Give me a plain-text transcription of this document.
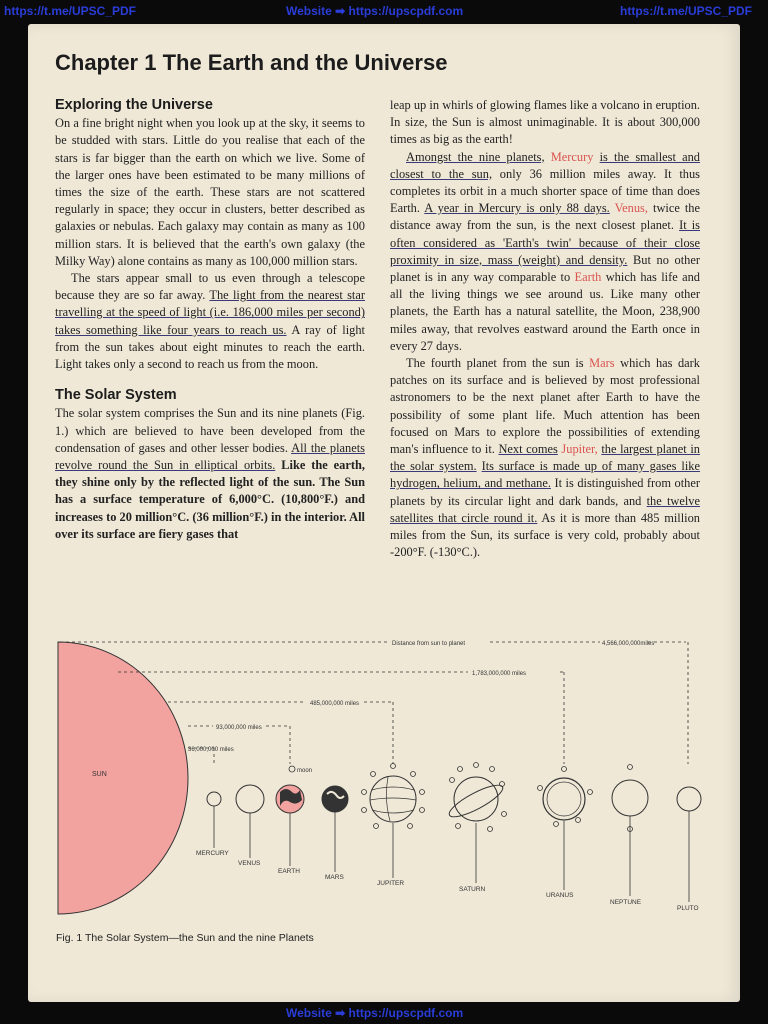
https://t.me/UPSC_PDF	Website ➡ https://upscpdf.com	https://t.me/UPSC_PDF
Chapter 1 The Earth and the Universe
Exploring the Universe

On a fine bright night when you look up at the sky, it seems to be studded with stars. Little do you realise that each of the stars is far bigger than the earth on which we live. Some of the larger ones have been estimated to be many millions of times the size of the earth. These stars are not scattered regularly in space; they occur in clusters, better described as galaxies or nebulas. Each galaxy may contain as many as 100 million stars. It is believed that the earth's own galaxy (the Milky Way) alone contains as many as 100,000 million stars.

The stars appear small to us even through a telescope because they are so far away. The light from the nearest star travelling at the speed of light (i.e. 186,000 miles per second) takes something like four years to reach us. A ray of light from the sun takes about eight minutes to reach the earth. Light takes only a second to reach us from the moon.

The Solar System

The solar system comprises the Sun and its nine planets (Fig. 1.) which are believed to have been developed from the condensation of gases and other lesser bodies. All the planets revolve round the Sun in elliptical orbits. Like the earth, they shine only by the reflected light of the sun. The Sun has a surface temperature of 6,000°C. (10,800°F.) and increases to 20 million°C. (36 million°F.) in the interior. All over its surface are fiery gases that

leap up in whirls of glowing flames like a volcano in eruption. In size, the Sun is almost unimaginable. It is about 300,000 times as big as the earth!

Amongst the nine planets, Mercury is the smallest and closest to the sun, only 36 million miles away. It thus completes its orbit in a much shorter space of time than does Earth. A year in Mercury is only 88 days. Venus, twice the distance away from the sun, is the next closest planet. It is often considered as 'Earth's twin' because of their close proximity in size, mass (weight) and density. But no other planet is in any way comparable to Earth which has life and all the living things we see around us. Like many other planets, the Earth has a natural satellite, the Moon, 238,900 miles away, that revolves eastward around the Earth once in every 27 days.

The fourth planet from the sun is Mars which has dark patches on its surface and is believed by most professional astronomers to be the next planet after Earth to have the possibility of some plant life. Much attention has been focused on Mars to explore the possibilities of extending man's influence to it. Next comes Jupiter, the largest planet in the solar system. Its surface is made up of many gases like hydrogen, helium, and methane. It is distinguished from other planets by its circular light and dark bands, and the twelve satellites that circle round it. As it is more than 485 million miles from the Sun, its surface is very cold, probably about -200°F. (-130°C.).

SUN
Distance from sun to planet	4,566,000,000miles
1,783,000,000 miles
485,000,000 miles
93,000,000 miles
36,000,000 miles
MERCURY
VENUS
moon
EARTH
MARS
JUPITER
SATURN
URANUS
NEPTUNE
PLUTO
Fig. 1 The Solar System—the Sun and the nine Planets
Website ➡ https://upscpdf.com
